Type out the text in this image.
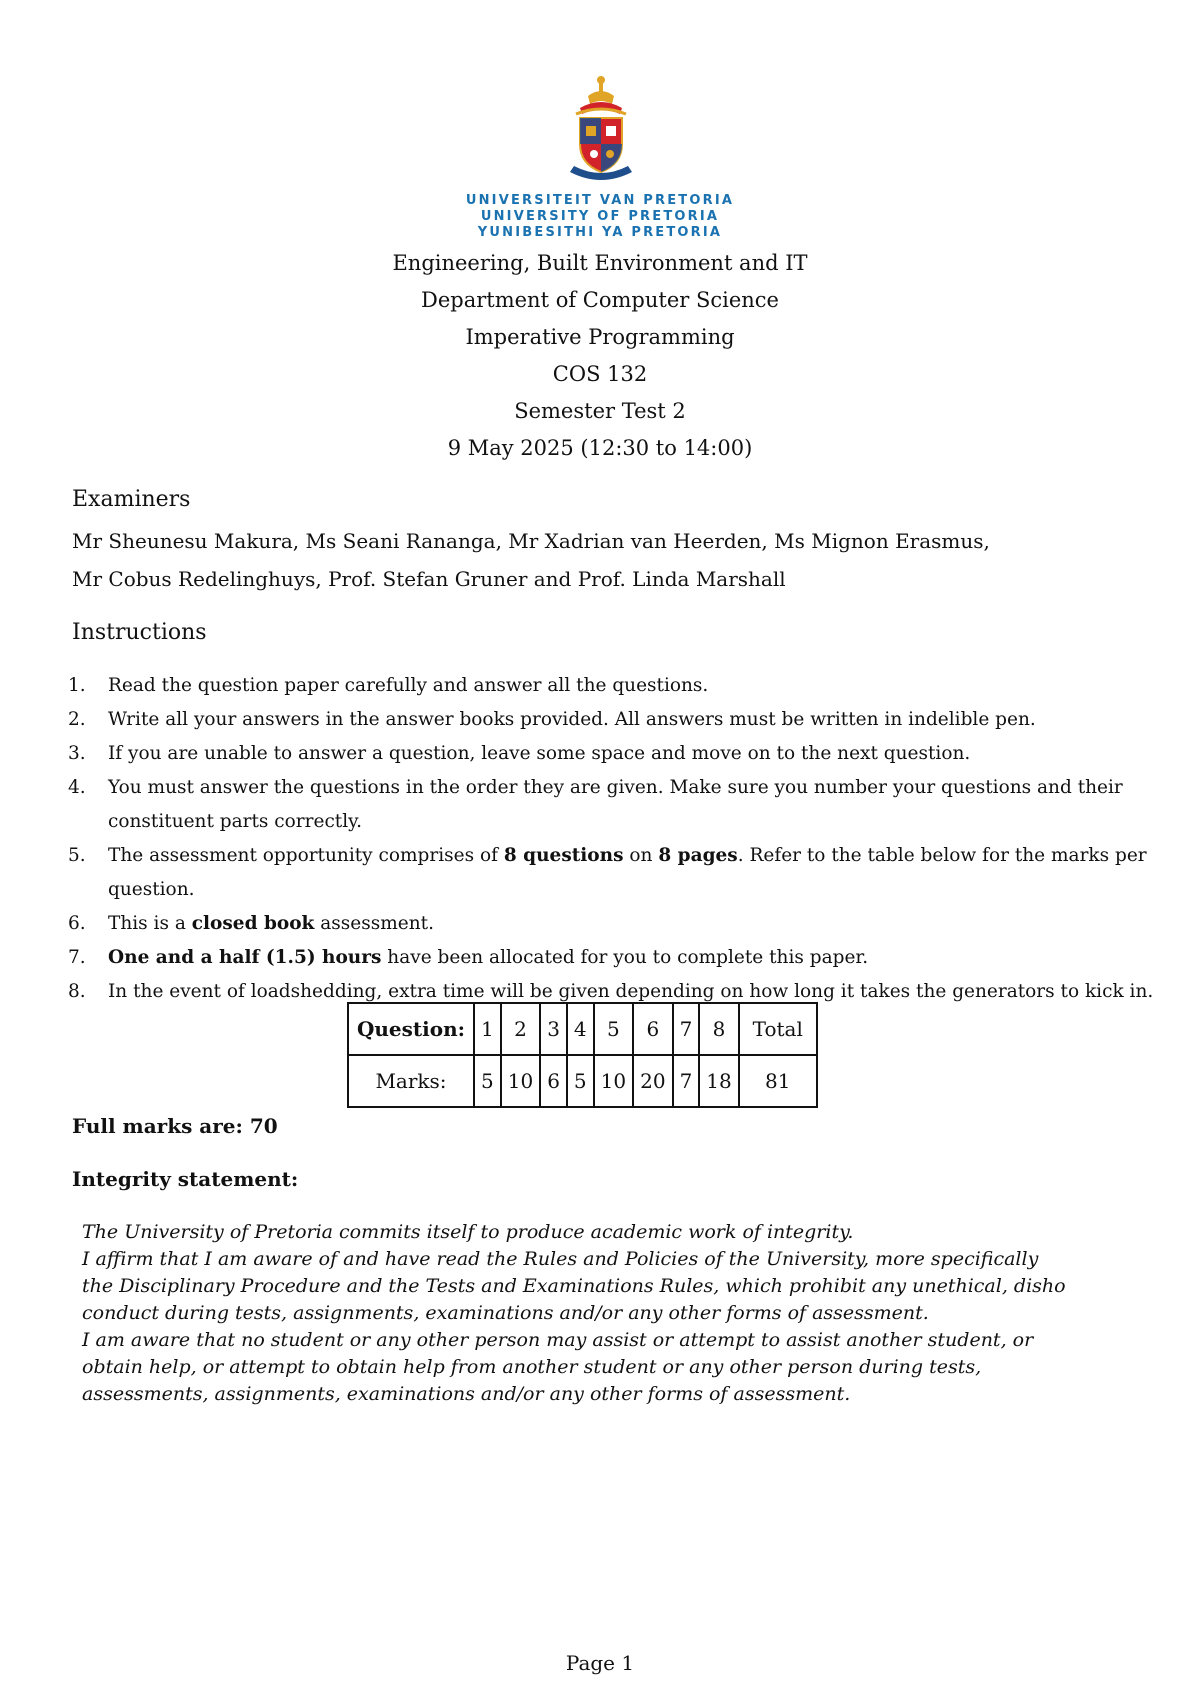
UNIVERSITEIT VAN PRETORIA
UNIVERSITY OF PRETORIA
YUNIBESITHI YA PRETORIA
Engineering, Built Environment and IT
Department of Computer Science
Imperative Programming
COS 132
Semester Test 2
9 May 2025 (12:30 to 14:00)
Examiners
Mr Sheunesu Makura, Ms Seani Rananga, Mr Xadrian van Heerden, Ms Mignon Erasmus,
Mr Cobus Redelinghuys, Prof. Stefan Gruner and Prof. Linda Marshall
Instructions
1. Read the question paper carefully and answer all the questions.
2. Write all your answers in the answer books provided. All answers must be written in indelible pen.
3. If you are unable to answer a question, leave some space and move on to the next question.
4. You must answer the questions in the order they are given. Make sure you number your questions and their
constituent parts correctly.
5. The assessment opportunity comprises of 8 questions on 8 pages. Refer to the table below for the marks per
question.
6. This is a closed book assessment.
7. One and a half (1.5) hours have been allocated for you to complete this paper.
8. In the event of loadshedding, extra time will be given depending on how long it takes the generators to kick in.
Question:	1	2	3	4	5	6	7	8	Total
Marks:	5	10	6	5	10	20	7	18	81
Full marks are: 70
Integrity statement:
The University of Pretoria commits itself to produce academic work of integrity.
I affirm that I am aware of and have read the Rules and Policies of the University, more specifically
the Disciplinary Procedure and the Tests and Examinations Rules, which prohibit any unethical, disho
conduct during tests, assignments, examinations and/or any other forms of assessment.
I am aware that no student or any other person may assist or attempt to assist another student, or
obtain help, or attempt to obtain help from another student or any other person during tests,
assessments, assignments, examinations and/or any other forms of assessment.
Page 1
